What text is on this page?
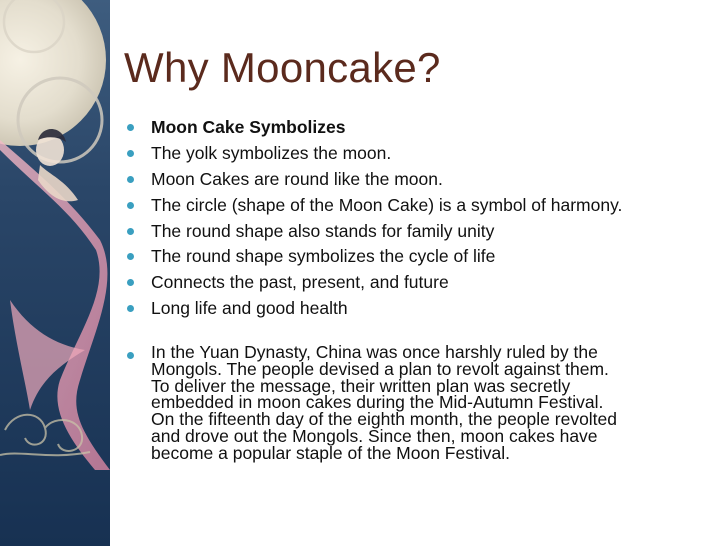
Why Mooncake?
Moon Cake Symbolizes
The yolk symbolizes the moon.
Moon Cakes are round like the moon.
The circle (shape of the Moon Cake) is a symbol of harmony.
The round shape also stands for family unity
The round shape symbolizes the cycle of life
Connects the past, present, and future
Long life and good health
In the Yuan Dynasty, China was once harshly ruled by the
Mongols. The people devised a plan to revolt against them.
To deliver the message, their written plan was secretly
embedded in moon cakes during the Mid-Autumn Festival.
On the fifteenth day of the eighth month, the people revolted
and drove out the Mongols. Since then, moon cakes have
become a popular staple of the Moon Festival.
